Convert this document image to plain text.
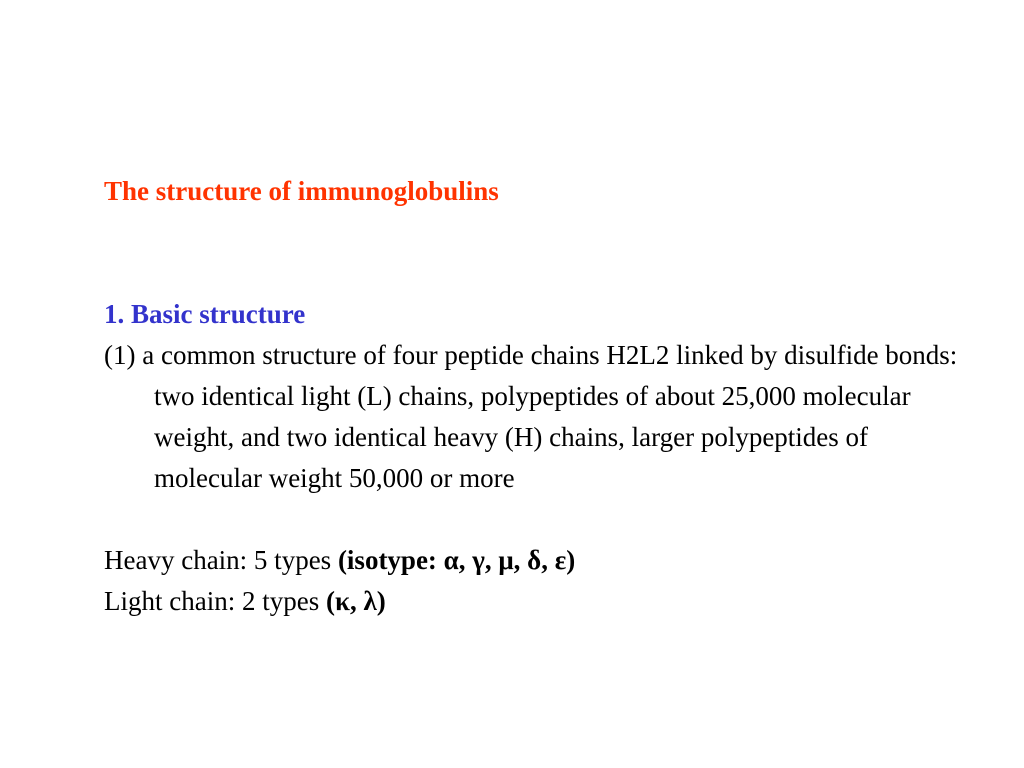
The structure of immunoglobulins
1. Basic structure
(1) a common structure of four peptide chains H2L2 linked by disulfide bonds: two identical light (L) chains, polypeptides of about 25,000 molecular weight, and two identical heavy (H) chains, larger polypeptides of molecular weight 50,000 or more
Heavy chain: 5 types (isotype: α, γ, μ, δ, ε)
Light chain: 2 types (κ, λ)
